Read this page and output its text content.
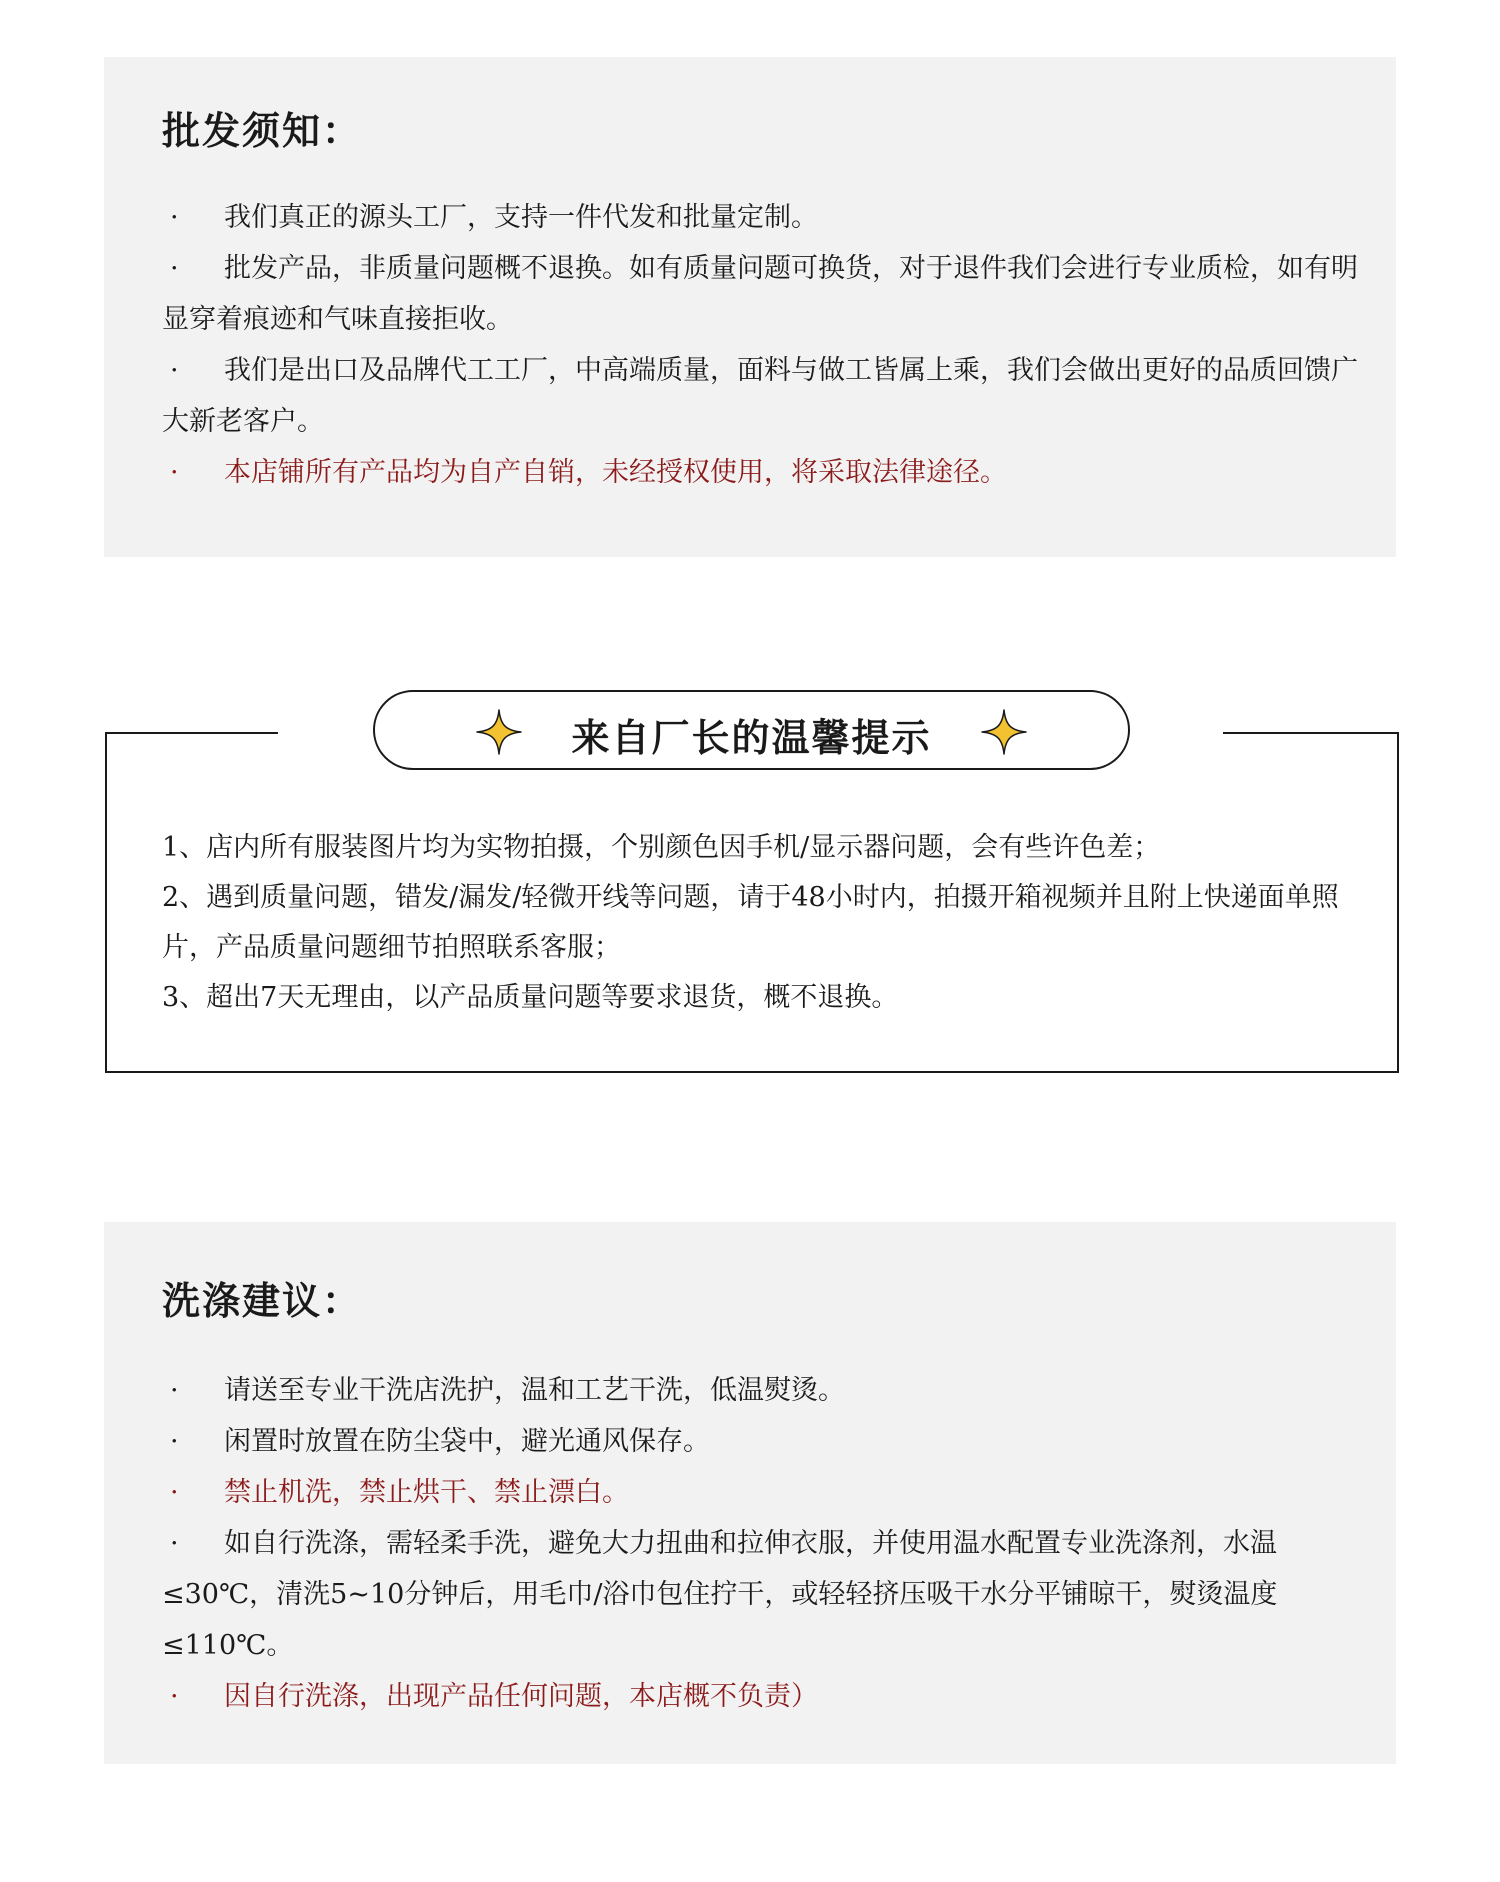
批发须知：
· 我们真正的源头工厂，支持一件代发和批量定制。
· 批发产品，非质量问题概不退换。如有质量问题可换货，对于退件我们会进行专业质检，如有明显穿着痕迹和气味直接拒收。
· 我们是出口及品牌代工工厂，中高端质量，面料与做工皆属上乘，我们会做出更好的品质回馈广大新老客户。
· 本店铺所有产品均为自产自销，未经授权使用，将采取法律途径。
来自厂长的温馨提示
1、店内所有服装图片均为实物拍摄，个别颜色因手机/显示器问题，会有些许色差；
2、遇到质量问题，错发/漏发/轻微开线等问题，请于48小时内，拍摄开箱视频并且附上快递面单照片，产品质量问题细节拍照联系客服；
3、超出7天无理由，以产品质量问题等要求退货，概不退换。
洗涤建议：
· 请送至专业干洗店洗护，温和工艺干洗，低温熨烫。
· 闲置时放置在防尘袋中，避光通风保存。
· 禁止机洗，禁止烘干、禁止漂白。
· 如自行洗涤，需轻柔手洗，避免大力扭曲和拉伸衣服，并使用温水配置专业洗涤剂，水温≤30℃，清洗5~10分钟后，用毛巾/浴巾包住拧干，或轻轻挤压吸干水分平铺晾干，熨烫温度≤110℃。
· 因自行洗涤，出现产品任何问题，本店概不负责）
